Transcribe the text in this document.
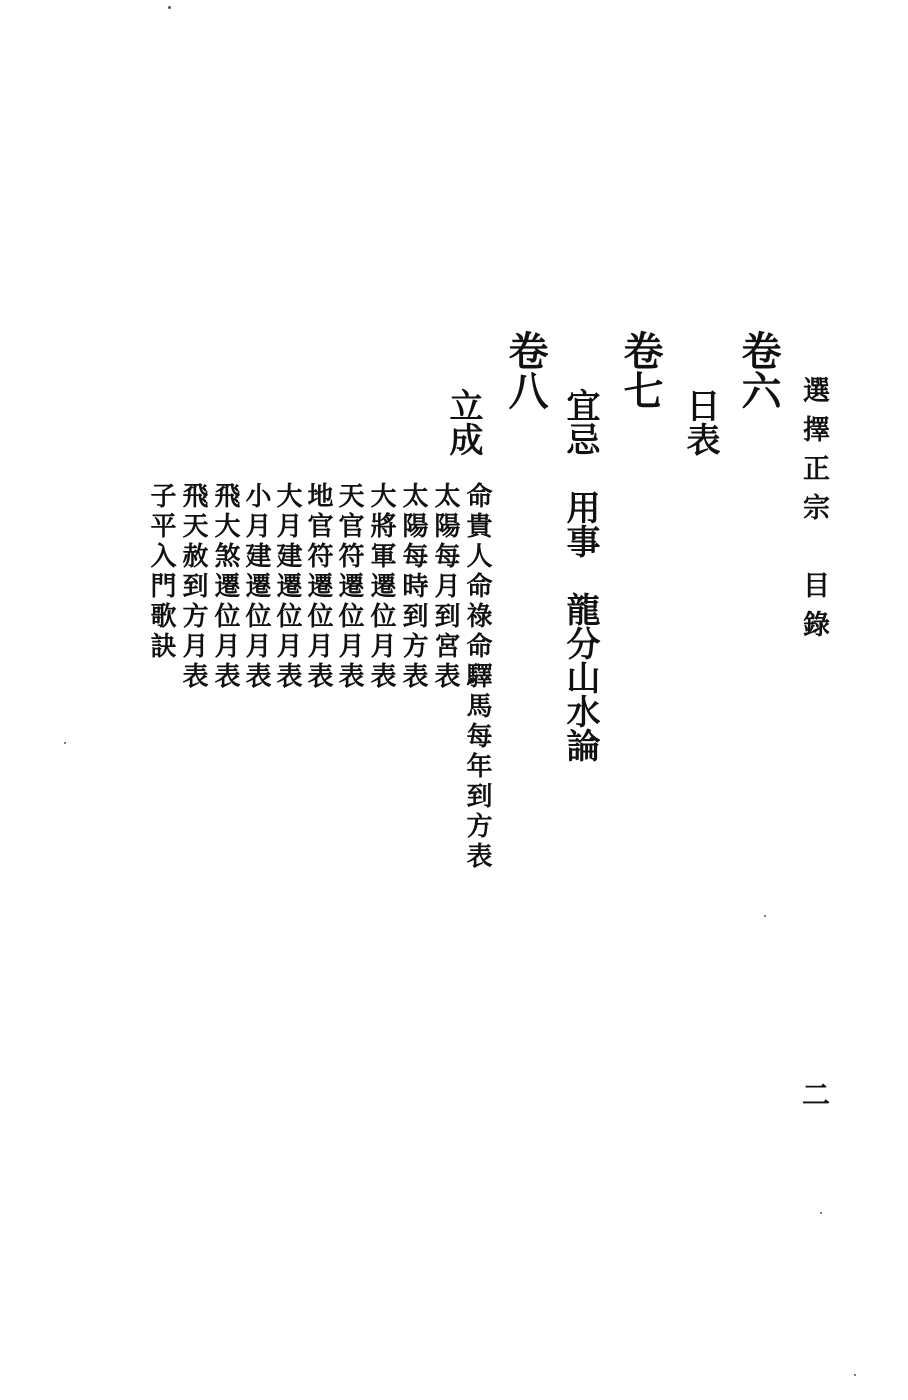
選擇正宗　目錄
卷六
日表
卷七
宜忌　用事　龍分山水論
卷八
立成
命貴人命祿命驛馬每年到方表
太陽每月到宮表
太陽每時到方表
大將軍遷位月表
天官符遷位月表
地官符遷位月表
大月建遷位月表
小月建遷位月表
飛大煞遷位月表
飛天赦到方月表
子平入門歌訣
二
